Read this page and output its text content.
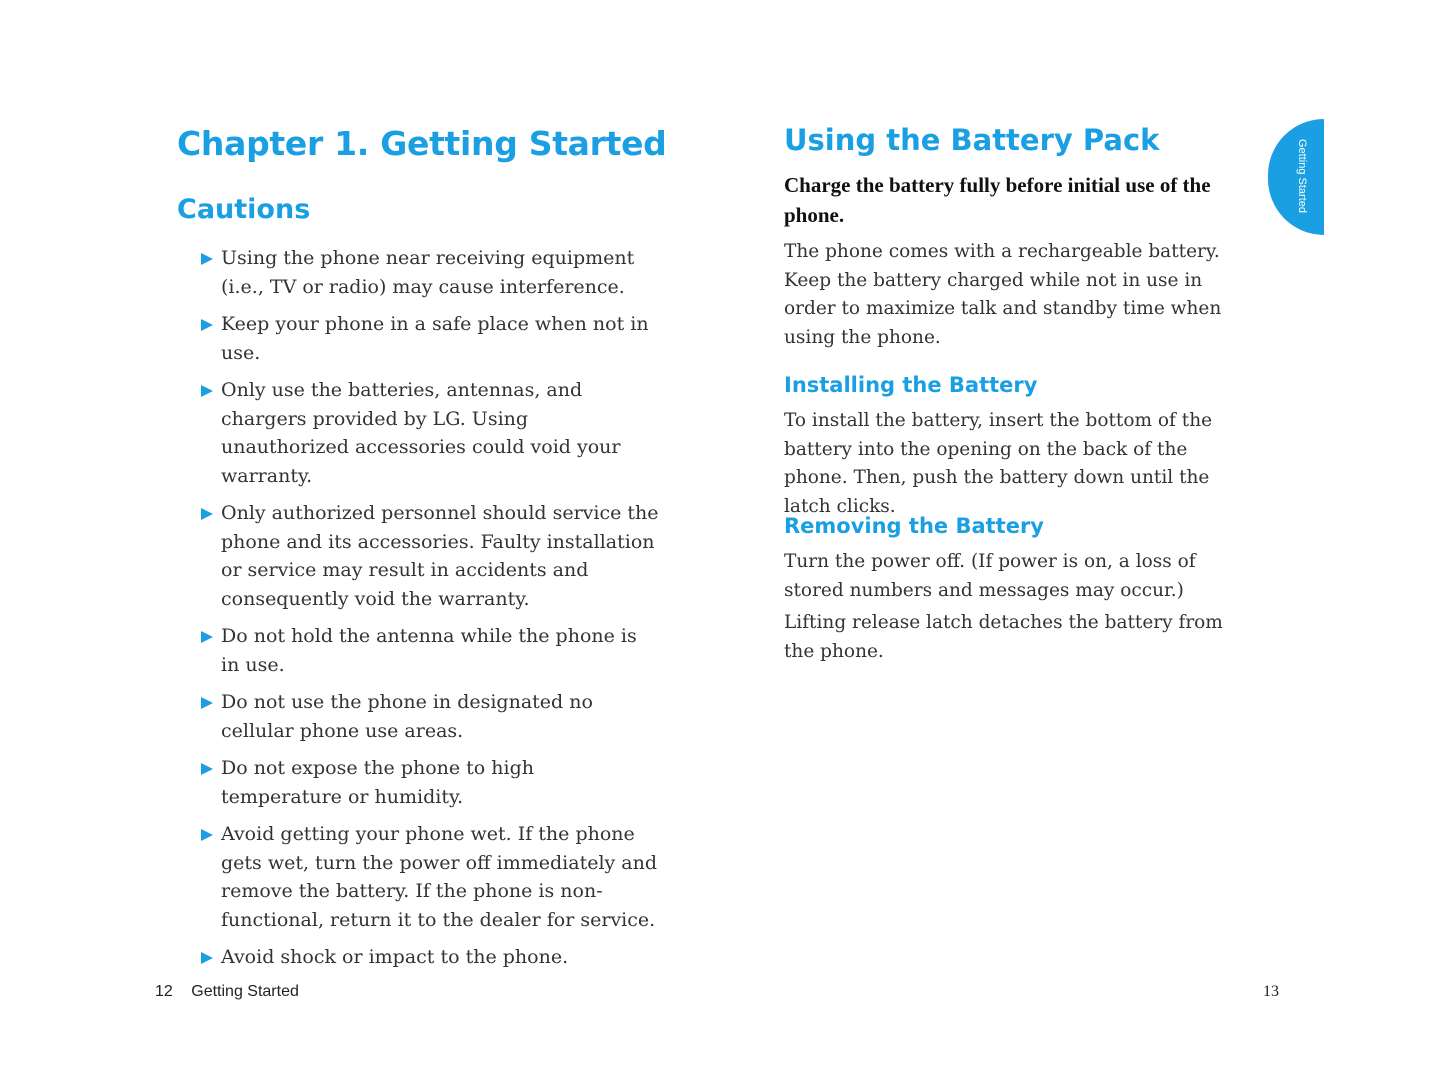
Chapter 1. Getting Started
Cautions
Using the phone near receiving equipment (i.e., TV or radio) may cause interference.
Keep your phone in a safe place when not in use.
Only use the batteries, antennas, and chargers provided by LG. Using unauthorized accessories could void your warranty.
Only authorized personnel should service the phone and its accessories. Faulty installation or service may result in accidents and consequently void the warranty.
Do not hold the antenna while the phone is in use.
Do not use the phone in designated no cellular phone use areas.
Do not expose the phone to high temperature or humidity.
Avoid getting your phone wet. If the phone gets wet, turn the power off immediately and remove the battery. If the phone is non-functional, return it to the dealer for service.
Avoid shock or impact to the phone.
12 Getting Started
Using the Battery Pack

Charge the battery fully before initial use of the phone.

The phone comes with a rechargeable battery. Keep the battery charged while not in use in order to maximize talk and standby time when using the phone.

Installing the Battery

To install the battery, insert the bottom of the battery into the opening on the back of the phone. Then, push the battery down until the latch clicks.

Removing the Battery

Turn the power off. (If power is on, a loss of stored numbers and messages may occur.)

Lifting release latch detaches the battery from the phone.

Getting Started
13
